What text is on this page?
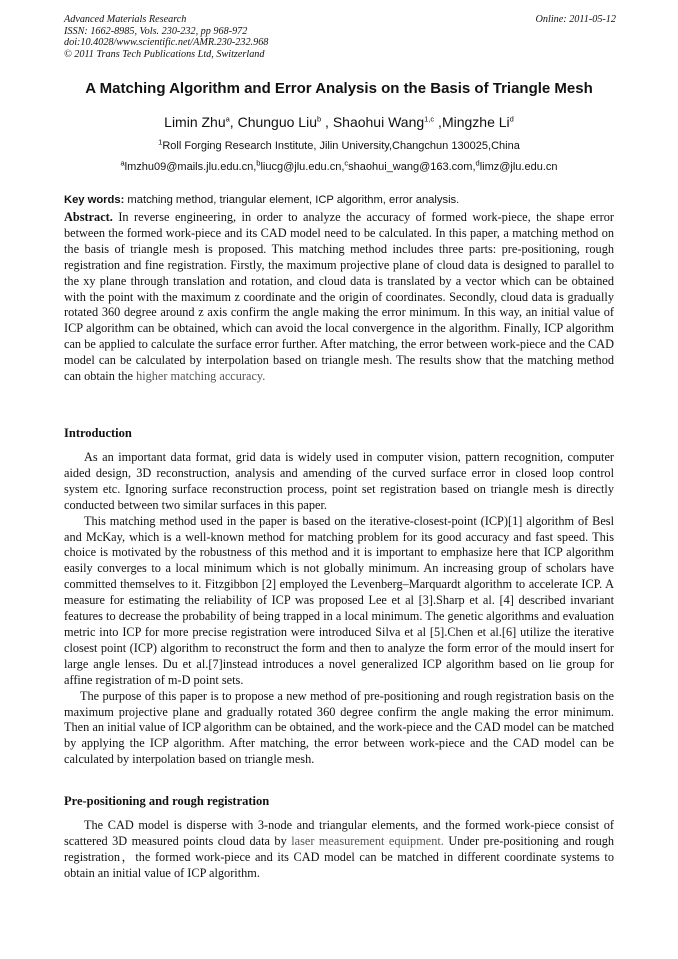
Advanced Materials Research
ISSN: 1662-8985, Vols. 230-232, pp 968-972
doi:10.4028/www.scientific.net/AMR.230-232.968
© 2011 Trans Tech Publications Ltd, Switzerland
Online: 2011-05-12
A Matching Algorithm and Error Analysis on the Basis of Triangle Mesh
Limin Zhu$^a$, Chunguo Liu$^b$ , Shaohui Wang$^{1,c}$ ,Mingzhe Li$^d$
$^1$Roll Forging Research Institute, Jilin University,Changchun 130025,China
$^a$lmzhu09@mails.jlu.edu.cn,$^b$liucg@jlu.edu.cn,$^c$shaohui_wang@163.com,$^d$limz@jlu.edu.cn
Key words: matching method, triangular element, ICP algorithm, error analysis.
Abstract. In reverse engineering, in order to analyze the accuracy of formed work-piece, the shape error between the formed work-piece and its CAD model need to be calculated. In this paper, a matching method on the basis of triangle mesh is proposed. This matching method includes three parts: pre-positioning, rough registration and fine registration. Firstly, the maximum projective plane of cloud data is designed to parallel to the xy plane through translation and rotation, and cloud data is translated by a vector which can be obtained with the point with the maximum z coordinate and the origin of coordinates. Secondly, cloud data is gradually rotated 360 degree around z axis confirm the angle making the error minimum. In this way, an initial value of ICP algorithm can be obtained, which can avoid the local convergence in the algorithm. Finally, ICP algorithm can be applied to calculate the surface error further. After matching, the error between work-piece and the CAD model can be calculated by interpolation based on triangle mesh. The results show that the matching method can obtain the higher matching accuracy.
Introduction

As an important data format, grid data is widely used in computer vision, pattern recognition, computer aided design, 3D reconstruction, analysis and amending of the curved surface error in closed loop control system etc. Ignoring surface reconstruction process, point set registration based on triangle mesh is directly conducted between two similar surfaces in this paper.

This matching method used in the paper is based on the iterative-closest-point (ICP)[1] algorithm of Besl and McKay, which is a well-known method for matching problem for its good accuracy and fast speed. This choice is motivated by the robustness of this method and it is important to emphasize here that ICP algorithm easily converges to a local minimum which is not globally minimum. An increasing group of scholars have committed themselves to it. Fitzgibbon [2] employed the Levenberg–Marquardt algorithm to accelerate ICP. A measure for estimating the reliability of ICP was proposed Lee et al [3].Sharp et al. [4] described invariant features to decrease the probability of being trapped in a local minimum. The genetic algorithms and evaluation metric into ICP for more precise registration were introduced Silva et al [5].Chen et al.[6] utilize the iterative closest point (ICP) algorithm to reconstruct the form and then to analyze the form error of the mould insert for large angle lenses. Du et al.[7]instead introduces a novel generalized ICP algorithm based on lie group for affine registration of m-D point sets.

The purpose of this paper is to propose a new method of pre-positioning and rough registration basis on the maximum projective plane and gradually rotated 360 degree confirm the angle making the error minimum. Then an initial value of ICP algorithm can be obtained, and the work-piece and the CAD model can be matched by applying the ICP algorithm. After matching, the error between work-piece and the CAD model can be calculated by interpolation based on triangle mesh.

Pre-positioning and rough registration

The CAD model is disperse with 3-node and triangular elements, and the formed work-piece consist of scattered 3D measured points cloud data by laser measurement equipment. Under pre-positioning and rough registration，the formed work-piece and its CAD model can be matched in different coordinate systems to obtain an initial value of ICP algorithm.
